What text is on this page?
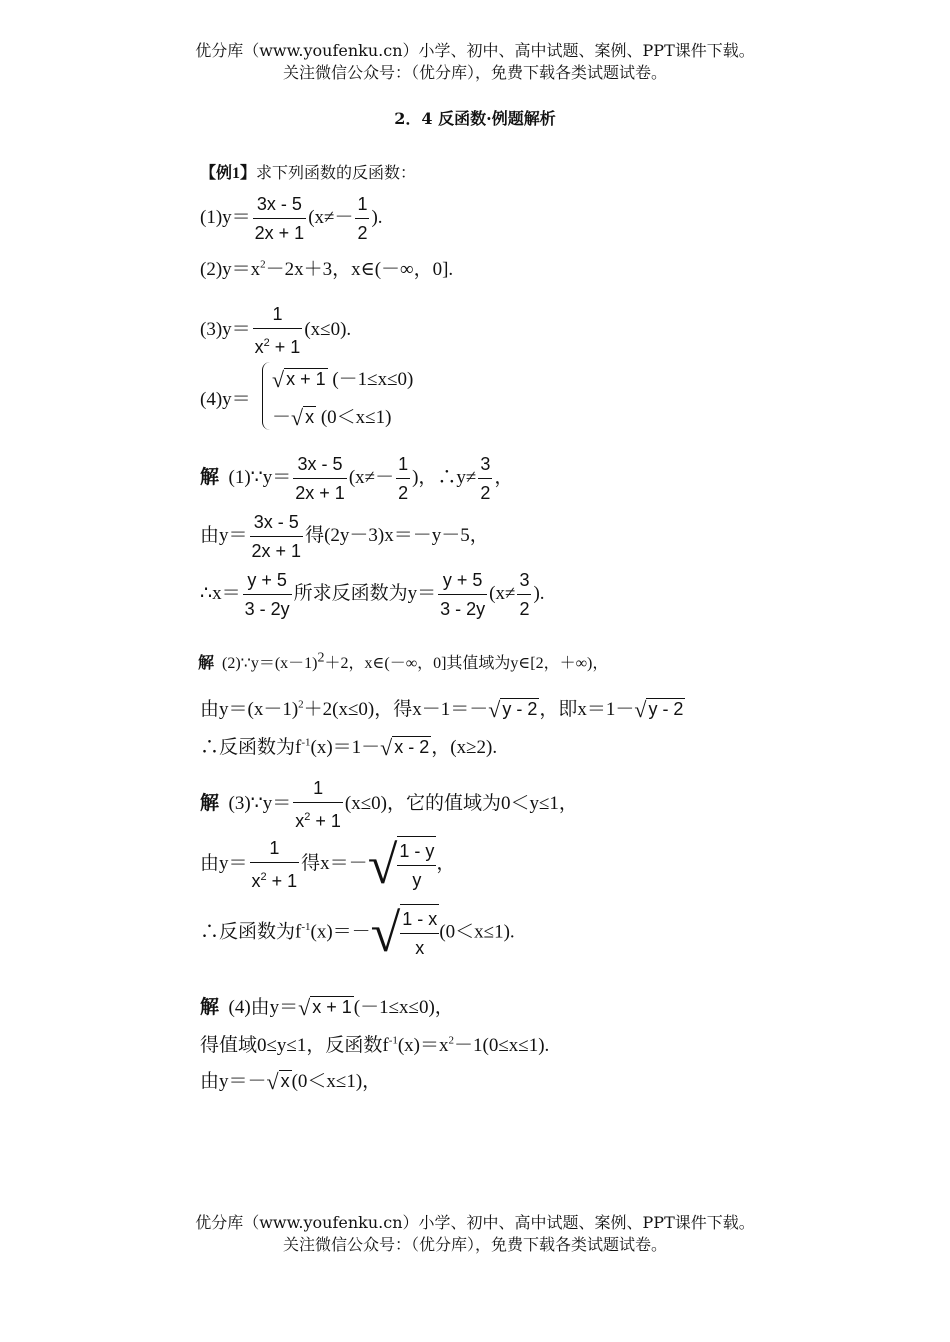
优分库（www.youfenku.cn）小学、初中、高中试题、案例、PPT课件下载。
关注微信公众号：（优分库），免费下载各类试题试卷。
2．4 反函数·例题解析
【例1】求下列函数的反函数：
$(1)y= \frac{3x - 5}{2x + 1} (x\ne- \frac{1}{2}$ ).
$(2)y=x^2-2x+3$，x∈(－∞，0].
$(3)y= \frac{1}{x^2 + 1} (x\le 0)$.
(4)y＝
√ x + 1 (－1≤x≤0)
－√ x (0＜x≤1)
解 (1)∵y＝ $\frac{3x - 5}{2x + 1} (x\ne- \frac{1}{2}$ )，∴y≠ $\frac{3}{2}$ ，
由$y= \frac{3x - 5}{2x + 1}$ 得(2y－3)x＝－y－5，
∴x＝ $\frac{y + 5}{3 - 2y}$ 所求反函数为$y= \frac{y + 5}{3 - 2y} (x\ne \frac{3}{2}$ ).
解 (2)∵y＝(x－1)2＋2，x∈(－∞，0]其值域为y∈[2，＋∞)，
由$y=(x-1)^2+2(x\le 0)$，得x－1＝－√ y - 2 ，即x＝1－√ y - 2
∴反函数为$f^{-1}(x)=1-√$ x - 2 ，(x≥2).
解 (3)∵y＝ $\frac{1}{x^2 + 1} (x\le 0)$，它的值域为0＜y≤1，
由$y= \frac{1}{x^2 + 1}$ 得$x=-√ \frac{1 - y}{y}$ ，
∴反函数为$f^{-1}(x)=-√ \frac{1 - x}{x} (0<x\le 1)$.
解 (4)由y＝√ x + 1 (－1≤x≤0)，
得值域0≤y≤1，反函数$f^{-1}(x)=x^2-1(0\le x\le 1)$.
由y＝－√ x (0＜x≤1)，
优分库（www.youfenku.cn）小学、初中、高中试题、案例、PPT课件下载。
关注微信公众号：（优分库），免费下载各类试题试卷。
